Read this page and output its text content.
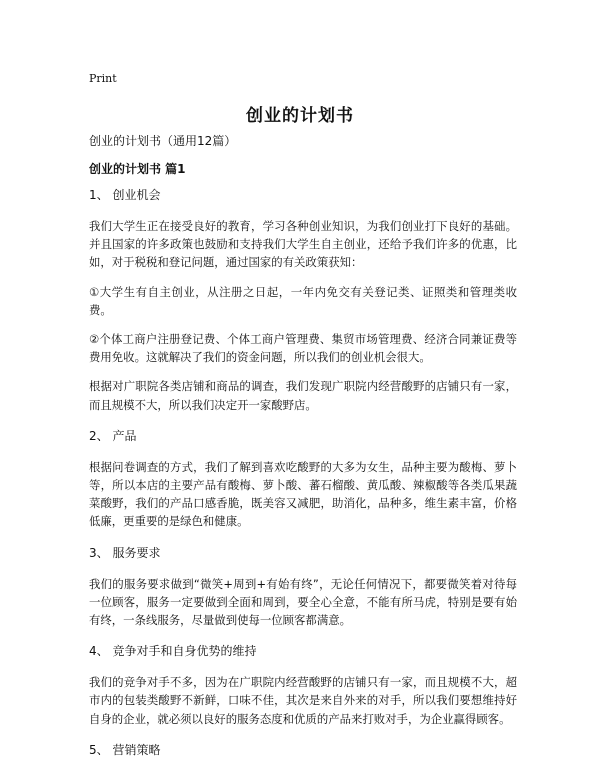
Print
创业的计划书
创业的计划书（通用12篇）
创业的计划书 篇1
1、 创业机会

我们大学生正在接受良好的教育，学习各种创业知识，为我们创业打下良好的基础。并且国家的许多政策也鼓励和支持我们大学生自主创业，还给予我们许多的优惠，比如，对于税税和登记问题，通过国家的有关政策获知：

①大学生有自主创业，从注册之日起，一年内免交有关登记类、证照类和管理类收费。

②个体工商户注册登记费、个体工商户管理费、集贸市场管理费、经济合同兼证费等费用免收。这就解决了我们的资金问题，所以我们的创业机会很大。

根据对广职院各类店铺和商品的调查，我们发现广职院内经营酸野的店铺只有一家，而且规模不大，所以我们决定开一家酸野店。

2、 产品

根据问卷调查的方式，我们了解到喜欢吃酸野的大多为女生，品种主要为酸梅、萝卜等，所以本店的主要产品有酸梅、萝卜酸、蕃石榴酸、黄瓜酸、辣椒酸等各类瓜果蔬菜酸野，我们的产品口感香脆，既美容又减肥，助消化，品种多，维生素丰富，价格低廉，更重要的是绿色和健康。

3、 服务要求

我们的服务要求做到“微笑+周到+有始有终”，无论任何情况下，都要微笑着对待每一位顾客，服务一定要做到全面和周到，要全心全意，不能有所马虎，特别是要有始有终，一条线服务，尽量做到使每一位顾客都满意。

4、 竞争对手和自身优势的维持

我们的竞争对手不多，因为在广职院内经营酸野的店铺只有一家，而且规模不大，超市内的包装类酸野不新鲜，口味不佳，其次是来自外来的对手，所以我们要想维持好自身的企业，就必须以良好的服务态度和优质的产品来打败对手，为企业赢得顾客。

5、 营销策略
